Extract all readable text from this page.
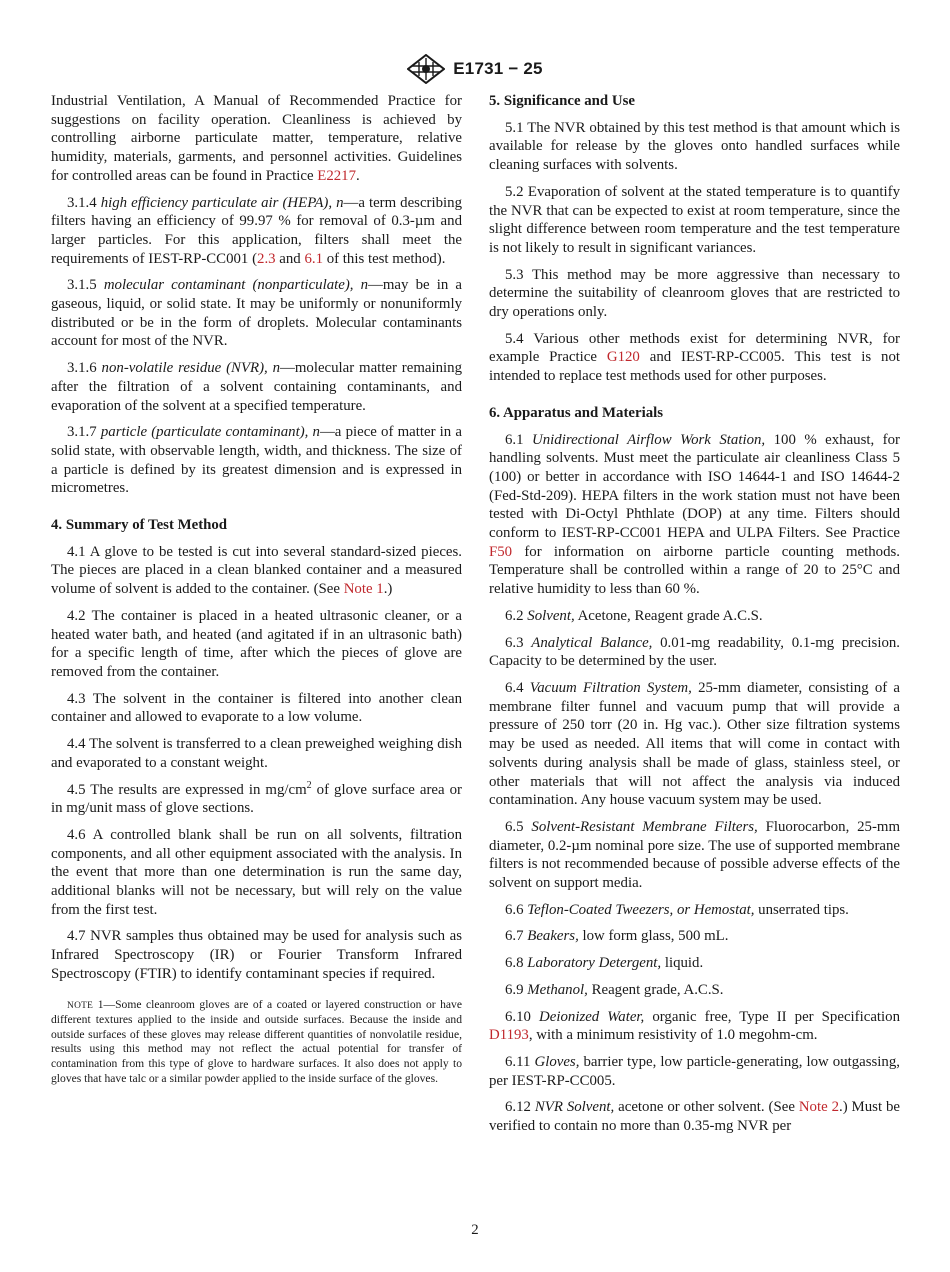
E1731 − 25

Industrial Ventilation, A Manual of Recommended Practice for suggestions on facility operation. Cleanliness is achieved by controlling airborne particulate matter, temperature, relative humidity, materials, garments, and personnel activities. Guidelines for controlled areas can be found in Practice E2217.

3.1.4 high efficiency particulate air (HEPA), n—a term describing filters having an efficiency of 99.97 % for removal of 0.3-µm and larger particles. For this application, filters shall meet the requirements of IEST-RP-CC001 (2.3 and 6.1 of this test method).

3.1.5 molecular contaminant (nonparticulate), n—may be in a gaseous, liquid, or solid state. It may be uniformly or nonuniformly distributed or be in the form of droplets. Molecular contaminants account for most of the NVR.

3.1.6 non-volatile residue (NVR), n—molecular matter remaining after the filtration of a solvent containing contaminants, and evaporation of the solvent at a specified temperature.

3.1.7 particle (particulate contaminant), n—a piece of matter in a solid state, with observable length, width, and thickness. The size of a particle is defined by its greatest dimension and is expressed in micrometres.

4. Summary of Test Method

4.1 A glove to be tested is cut into several standard-sized pieces. The pieces are placed in a clean blanked container and a measured volume of solvent is added to the container. (See Note 1.)

4.2 The container is placed in a heated ultrasonic cleaner, or a heated water bath, and heated (and agitated if in an ultrasonic bath) for a specific length of time, after which the pieces of glove are removed from the container.

4.3 The solvent in the container is filtered into another clean container and allowed to evaporate to a low volume.

4.4 The solvent is transferred to a clean preweighed weighing dish and evaporated to a constant weight.

4.5 The results are expressed in $mg/cm^2$ of glove surface area or in mg/unit mass of glove sections.

4.6 A controlled blank shall be run on all solvents, filtration components, and all other equipment associated with the analysis. In the event that more than one determination is run the same day, additional blanks will not be necessary, but will rely on the value from the first test.

4.7 NVR samples thus obtained may be used for analysis such as Infrared Spectroscopy (IR) or Fourier Transform Infrared Spectroscopy (FTIR) to identify contaminant species if required.

NOTE 1—Some cleanroom gloves are of a coated or layered construction or have different textures applied to the inside and outside surfaces. Because the inside and outside surfaces of these gloves may release different quantities of nonvolatile residue, results using this method may not reflect the actual potential for transfer of contamination from this type of glove to hardware surfaces. It also does not apply to gloves that have talc or a similar powder applied to the inside surface of the gloves.

5. Significance and Use

5.1 The NVR obtained by this test method is that amount which is available for release by the gloves onto handled surfaces while cleaning surfaces with solvents.

5.2 Evaporation of solvent at the stated temperature is to quantify the NVR that can be expected to exist at room temperature, since the slight difference between room temperature and the test temperature is not likely to result in significant variances.

5.3 This method may be more aggressive than necessary to determine the suitability of cleanroom gloves that are restricted to dry operations only.

5.4 Various other methods exist for determining NVR, for example Practice G120 and IEST-RP-CC005. This test is not intended to replace test methods used for other purposes.

6. Apparatus and Materials

6.1 Unidirectional Airflow Work Station, 100 % exhaust, for handling solvents. Must meet the particulate air cleanliness Class 5 (100) or better in accordance with ISO 14644-1 and ISO 14644-2 (Fed-Std-209). HEPA filters in the work station must not have been tested with Di-Octyl Phthlate (DOP) at any time. Filters should conform to IEST-RP-CC001 HEPA and ULPA Filters. See Practice F50 for information on airborne particle counting methods. Temperature shall be controlled within a range of 20 to 25°C and relative humidity to less than 60 %.

6.2 Solvent, Acetone, Reagent grade A.C.S.

6.3 Analytical Balance, 0.01-mg readability, 0.1-mg precision. Capacity to be determined by the user.

6.4 Vacuum Filtration System, 25-mm diameter, consisting of a membrane filter funnel and vacuum pump that will provide a pressure of 250 torr (20 in. Hg vac.). Other size filtration systems may be used as needed. All items that will come in contact with solvents during analysis shall be made of glass, stainless steel, or other materials that will not affect the analysis via induced contamination. Any house vacuum system may be used.

6.5 Solvent-Resistant Membrane Filters, Fluorocarbon, 25-mm diameter, 0.2-µm nominal pore size. The use of supported membrane filters is not recommended because of possible adverse effects of the solvent on support media.

6.6 Teflon-Coated Tweezers, or Hemostat, unserrated tips.

6.7 Beakers, low form glass, 500 mL.

6.8 Laboratory Detergent, liquid.

6.9 Methanol, Reagent grade, A.C.S.

6.10 Deionized Water, organic free, Type II per Specification D1193, with a minimum resistivity of 1.0 megohm-cm.

6.11 Gloves, barrier type, low particle-generating, low outgassing, per IEST-RP-CC005.

6.12 NVR Solvent, acetone or other solvent. (See Note 2.) Must be verified to contain no more than 0.35-mg NVR per

2
